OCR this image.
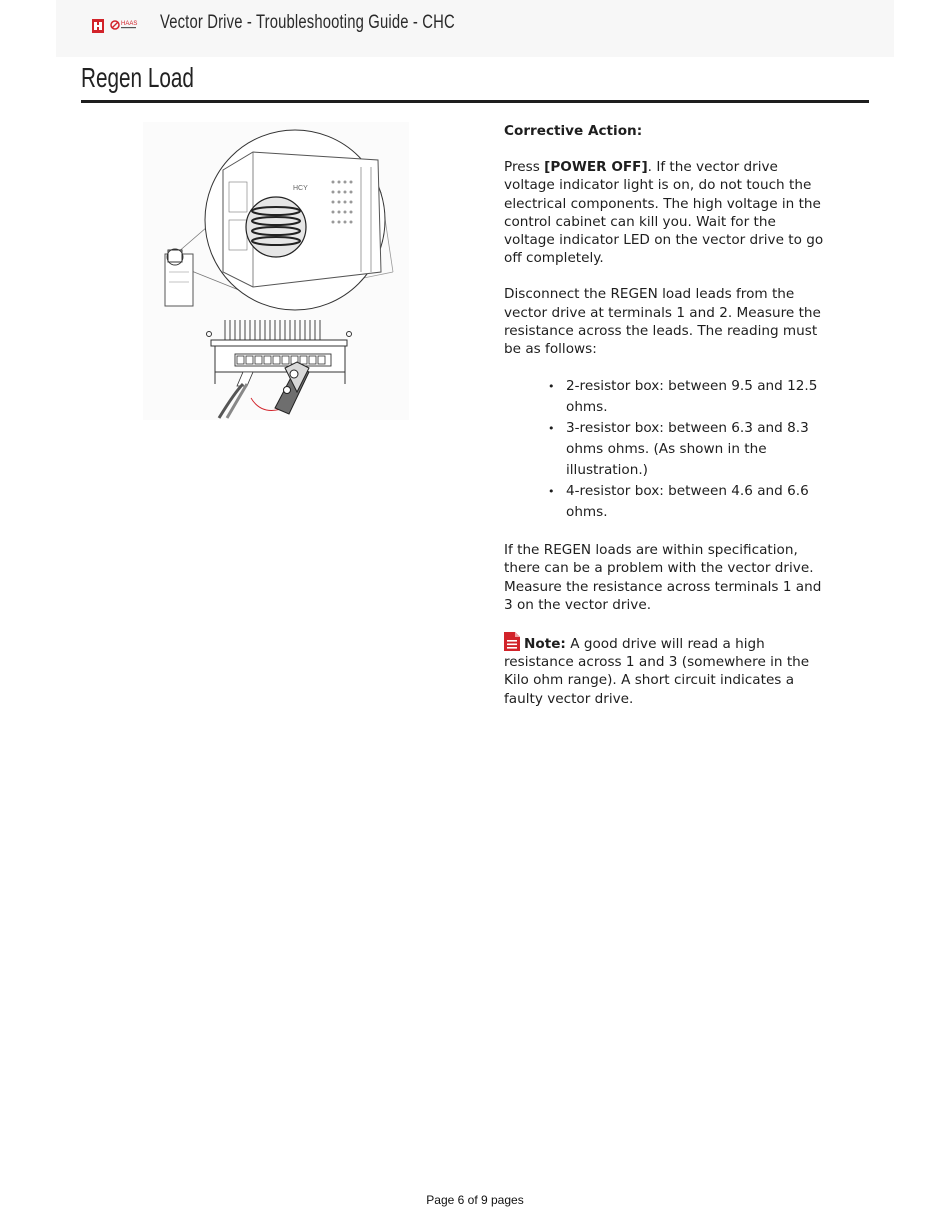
HAAS Vector Drive - Troubleshooting Guide - CHC
Regen Load
HCY

Corrective Action:

Press [POWER OFF]. If the vector drive voltage indicator light is on, do not touch the electrical components. The high voltage in the control cabinet can kill you. Wait for the voltage indicator LED on the vector drive to go off completely.

Disconnect the REGEN load leads from the vector drive at terminals 1 and 2. Measure the resistance across the leads. The reading must be as follows:

• 2-resistor box: between 9.5 and 12.5 ohms.
• 3-resistor box: between 6.3 and 8.3 ohms ohms. (As shown in the illustration.)
• 4-resistor box: between 4.6 and 6.6 ohms.

If the REGEN loads are within specification, there can be a problem with the vector drive. Measure the resistance across terminals 1 and 3 on the vector drive.

Note: A good drive will read a high resistance across 1 and 3 (somewhere in the Kilo ohm range). A short circuit indicates a faulty vector drive.

Page 6 of 9 pages
